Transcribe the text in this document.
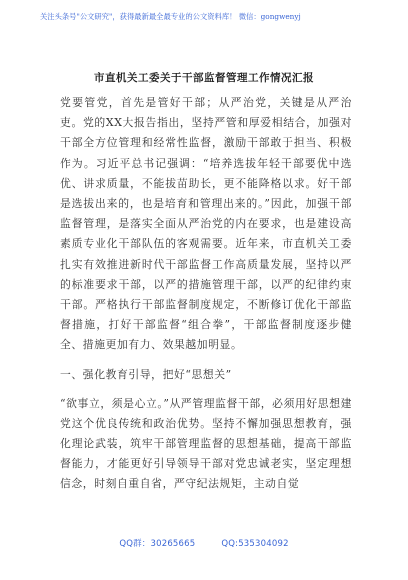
关注头条号"公文研究"，获得最新最全最专业的公文资料库！ 微信：gongwenyj
市直机关工委关于干部监督管理工作情况汇报

党要管党，首先是管好干部；从严治党，关键是从严治吏。党的XX大报告指出，坚持严管和厚爱相结合，加强对干部全方位管理和经常性监督，激励干部敢于担当、积极作为。习近平总书记强调：“培养选拔年轻干部要优中选优、讲求质量，不能拔苗助长，更不能降格以求。好干部是选拔出来的，也是培育和管理出来的。”因此，加强干部监督管理，是落实全面从严治党的内在要求，也是建设高素质专业化干部队伍的客观需要。近年来，市直机关工委扎实有效推进新时代干部监督工作高质量发展，坚持以严的标准要求干部，以严的措施管理干部，以严的纪律约束干部。严格执行干部监督制度规定，不断修订优化干部监督措施，打好干部监督“组合拳”，干部监督制度逐步健全、措施更加有力、效果越加明显。

一、强化教育引导，把好“思想关”

“欲事立，须是心立。”从严管理监督干部，必须用好思想建党这个优良传统和政治优势。坚持不懈加强思想教育，强化理论武装，筑牢干部管理监督的思想基础，提高干部监督能力，才能更好引导领导干部对党忠诚老实，坚定理想信念，时刻自重自省，严守纪法规矩，主动自觉

QQ群：30265665	QQ:535304092
